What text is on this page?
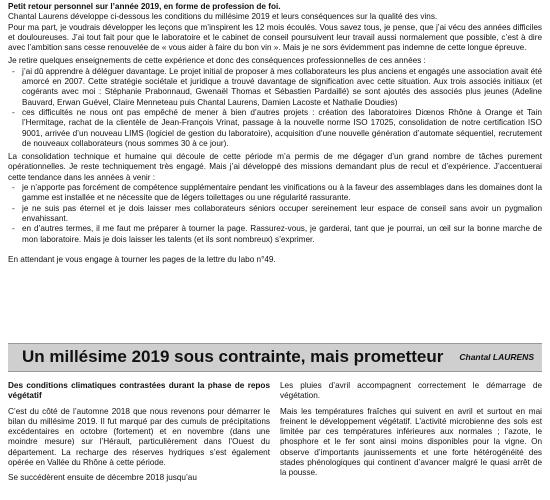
Petit retour personnel sur l’année 2019, en forme de profession de foi.

Chantal Laurens développe ci-dessous les conditions du millésime 2019 et leurs conséquences sur la qualité des vins.

Pour ma part, je voudrais développer les leçons que m’inspirent les 12 mois écoulés. Vous savez tous, je pense, que j’ai vécu des années difficiles et douloureuses. J’ai tout fait pour que le laboratoire et le cabinet de conseil poursuivent leur travail aussi normalement que possible, c’est à dire avec l’ambition sans cesse renouvelée de « vous aider à faire du bon vin ». Mais je ne sors évidemment pas indemne de cette longue épreuve.

Je retire quelques enseignements de cette expérience et donc des conséquences professionnelles de ces années :

- j’ai dû apprendre à déléguer davantage. Le projet initial de proposer à mes collaborateurs les plus anciens et engagés une association avait été amorcé en 2007. Cette stratégie sociétale et juridique a trouvé davantage de signification avec cette situation. Aux trois associés initiaux (et cogérants avec moi : Stéphanie Prabonnaud, Gwenaël Thomas et Sébastien Pardaillé) se sont ajoutés des associés plus jeunes (Adeline Bauvard, Erwan Guével, Claire Menneteau puis Chantal Laurens, Damien Lacoste et Nathalie Doudies)
- ces difficultés ne nous ont pas empêché de mener à bien d’autres projets : création des laboratoires Diœnos Rhône à Orange et Tain l’Hermitage, rachat de la clientèle de Jean-François Vrinat, passage à la nouvelle norme ISO 17025, consolidation de notre certification ISO 9001, arrivée d’un nouveau LIMS (logiciel de gestion du laboratoire), acquisition d’une nouvelle génération d’automate séquentiel, recrutement de nouveaux collaborateurs (nous sommes 30 à ce jour).

La consolidation technique et humaine qui découle de cette période m’a permis de me dégager d’un grand nombre de tâches purement opérationnelles. Je reste techniquement très engagé. Mais j’ai développé des missions demandant plus de recul et d’expérience. J’accentuerai cette tendance dans les années à venir :

- je n’apporte pas forcément de compétence supplémentaire pendant les vinifications ou à la faveur des assemblages dans les domaines dont la gamme est installée et ne nécessite que de légers toilettages ou une régularité rassurante.
- je ne suis pas éternel et je dois laisser mes collaborateurs séniors occuper sereinement leur espace de conseil sans avoir un pygmalion envahissant.
- en d’autres termes, il me faut me préparer à tourner la page. Rassurez-vous, je garderai, tant que je pourrai, un œil sur la bonne marche de mon laboratoire. Mais je dois laisser les talents (et ils sont nombreux) s’exprimer.

En attendant je vous engage à tourner les pages de la lettre du labo n°49.

Un millésime 2019 sous contrainte, mais prometteur Chantal LAURENS

Des conditions climatiques contrastées durant la phase de repos végétatif

C’est du côté de l’automne 2018 que nous revenons pour démarrer le bilan du millésime 2019. Il fut marqué par des cumuls de précipitations excédentaires en octobre (fortement) et en novembre (dans une moindre mesure) sur l’Hérault, particulièrement dans l’Ouest du département. La recharge des réserves hydriques s’est également opérée en Vallée du Rhône à cette période.

Se succédèrent ensuite de décembre 2018 jusqu’au

Les pluies d’avril accompagnent correctement le démarrage de végétation.

Mais les températures fraîches qui suivent en avril et surtout en mai freinent le développement végétatif. L’activité microbienne des sols est limitée par ces températures inférieures aux normales ; l’azote, le phosphore et le fer sont ainsi moins disponibles pour la vigne. On observe d’importants jaunissements et une forte hétérogénéité des stades phénologiques qui continent d’avancer malgré le quasi arrêt de la pousse.
